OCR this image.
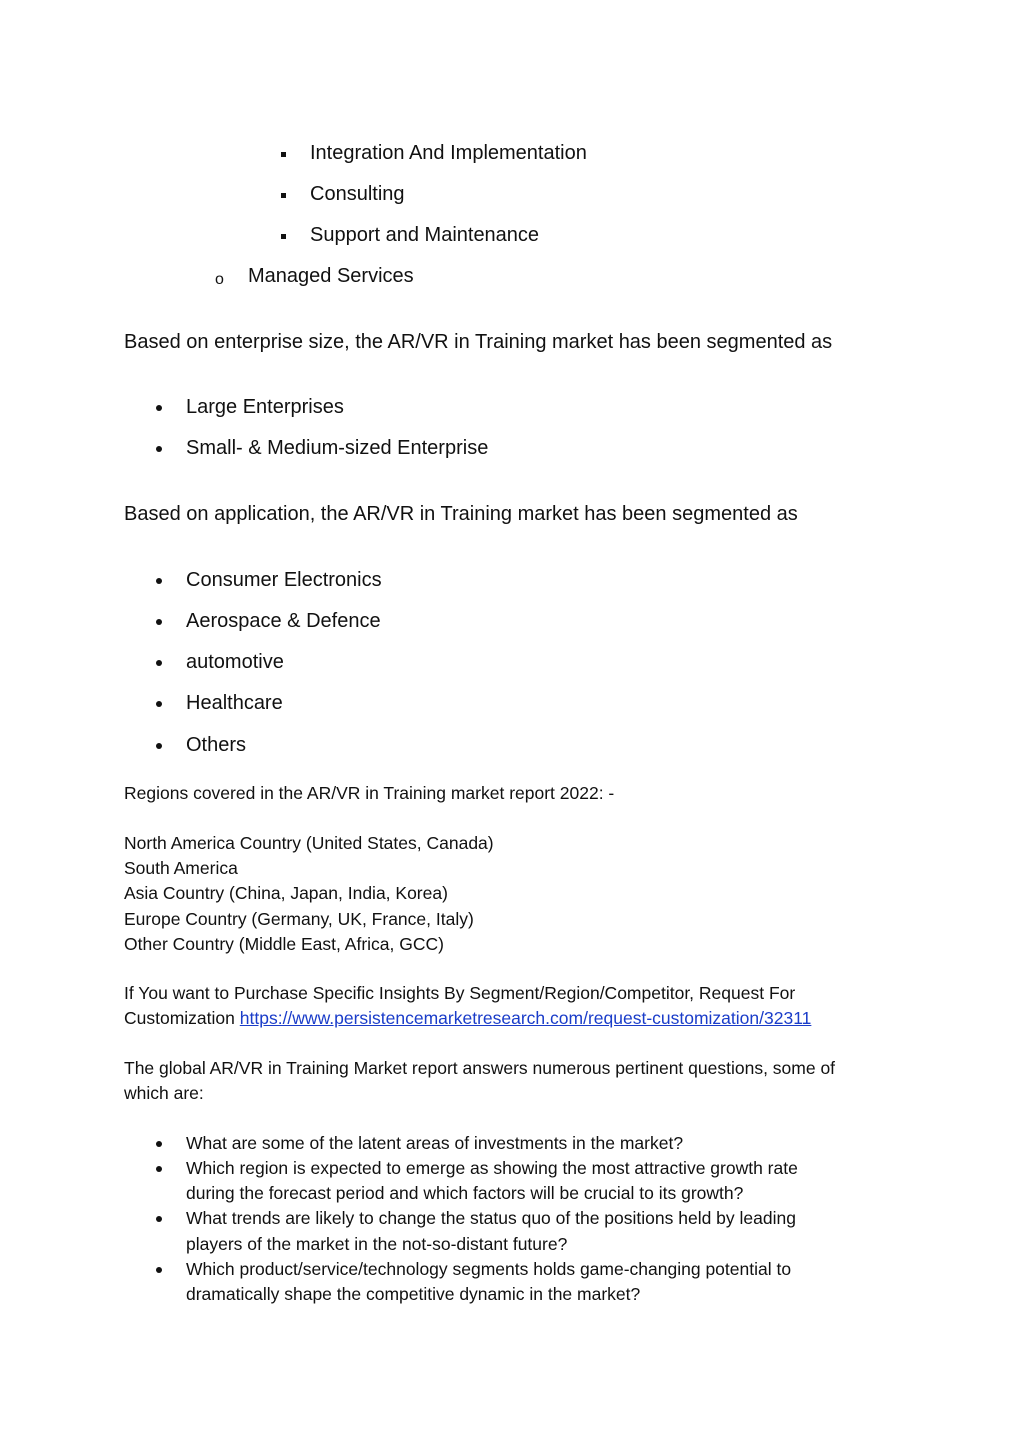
Integration And Implementation
Consulting
Support and Maintenance
o Managed Services
Based on enterprise size, the AR/VR in Training market has been segmented as
Large Enterprises
Small- & Medium-sized Enterprise
Based on application, the AR/VR in Training market has been segmented as
Consumer Electronics
Aerospace & Defence
automotive
Healthcare
Others
Regions covered in the AR/VR in Training market report 2022: -
North America Country (United States, Canada)
South America
Asia Country (China, Japan, India, Korea)
Europe Country (Germany, UK, France, Italy)
Other Country (Middle East, Africa, GCC)
If You want to Purchase Specific Insights By Segment/Region/Competitor, Request For
Customization https://www.persistencemarketresearch.com/request-customization/32311
The global AR/VR in Training Market report answers numerous pertinent questions, some of
which are:
What are some of the latent areas of investments in the market?
Which region is expected to emerge as showing the most attractive growth rate
during the forecast period and which factors will be crucial to its growth?
What trends are likely to change the status quo of the positions held by leading
players of the market in the not-so-distant future?
Which product/service/technology segments holds game-changing potential to
dramatically shape the competitive dynamic in the market?
